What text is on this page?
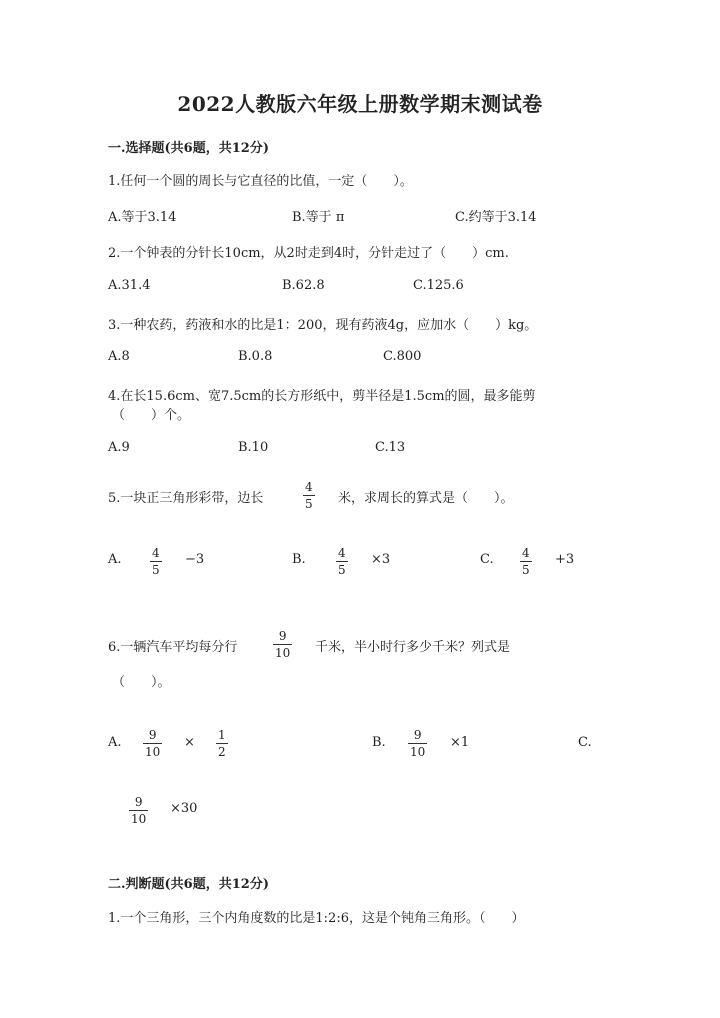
2022人教版六年级上册数学期末测试卷
一.选择题(共6题，共12分)
1.任何一个圆的周长与它直径的比值，一定（　　）。
A.等于3.14	B.等于 π	C.约等于3.14
2.一个钟表的分针长10cm，从2时走到4时，分针走过了（　　）cm.
A.31.4	B.62.8	C.125.6
3.一种农药，药液和水的比是1：200，现有药液4g，应加水（　　）kg。
A.8	B.0.8	C.800
4.在长15.6cm、宽7.5cm的长方形纸中，剪半径是1.5cm的圆，最多能剪
（　　）个。
A.9	B.10	C.13
5.一块正三角形彩带，边长
4
5 米，求周长的算式是（　　）。
A.	4
5
−3	B.	4
5
×3	C. 4
5
+3
6.一辆汽车平均每分行
9
10 千米，半小时行多少千米？列式是
（　　）。
A. 9
10
× 1
2
B. 9
10
×1	C.
9
10
×30
二.判断题(共6题，共12分)
1.一个三角形，三个内角度数的比是1:2:6，这是个钝角三角形。（　　）
